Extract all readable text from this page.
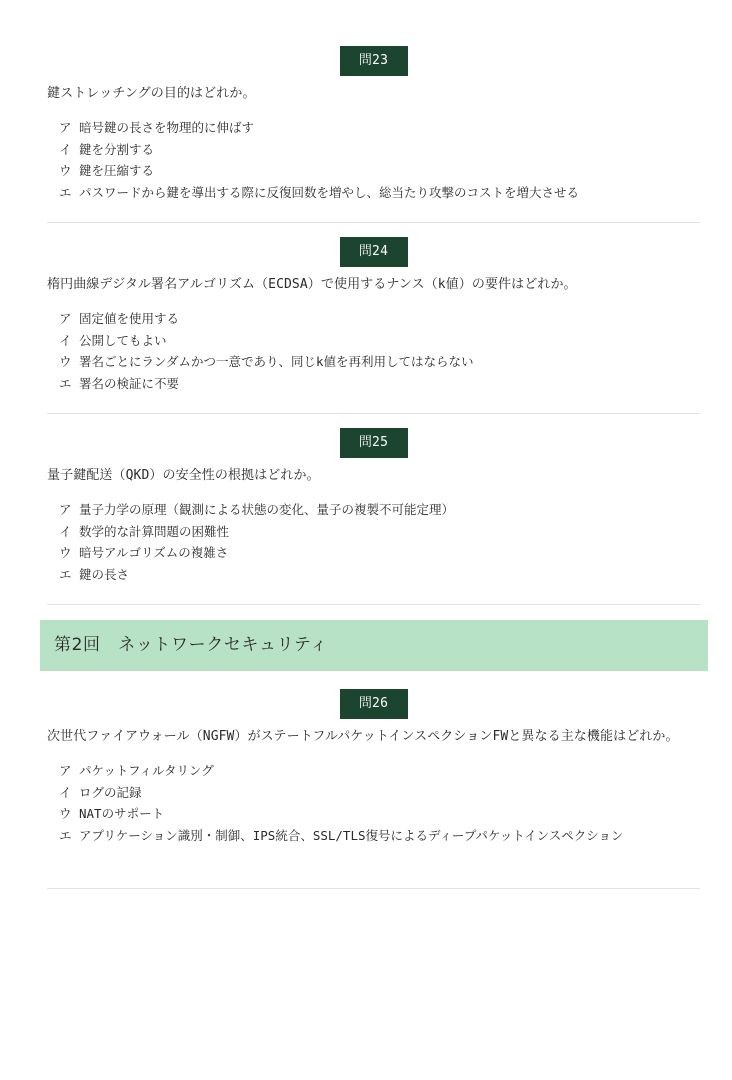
問23
鍵ストレッチングの目的はどれか。
ア 暗号鍵の長さを物理的に伸ばす
イ 鍵を分割する
ウ 鍵を圧縮する
エ パスワードから鍵を導出する際に反復回数を増やし、総当たり攻撃のコストを増大させる
問24
楕円曲線デジタル署名アルゴリズム（ECDSA）で使用するナンス（k値）の要件はどれか。
ア 固定値を使用する
イ 公開してもよい
ウ 署名ごとにランダムかつ一意であり、同じk値を再利用してはならない
エ 署名の検証に不要
問25
量子鍵配送（QKD）の安全性の根拠はどれか。
ア 量子力学の原理（観測による状態の変化、量子の複製不可能定理）
イ 数学的な計算問題の困難性
ウ 暗号アルゴリズムの複雑さ
エ 鍵の長さ
第2回　ネットワークセキュリティ
問26
次世代ファイアウォール（NGFW）がステートフルパケットインスペクションFWと異なる主な機能はどれか。
ア パケットフィルタリング
イ ログの記録
ウ NATのサポート
エ アプリケーション識別・制御、IPS統合、SSL/TLS復号によるディープパケットインスペクション
